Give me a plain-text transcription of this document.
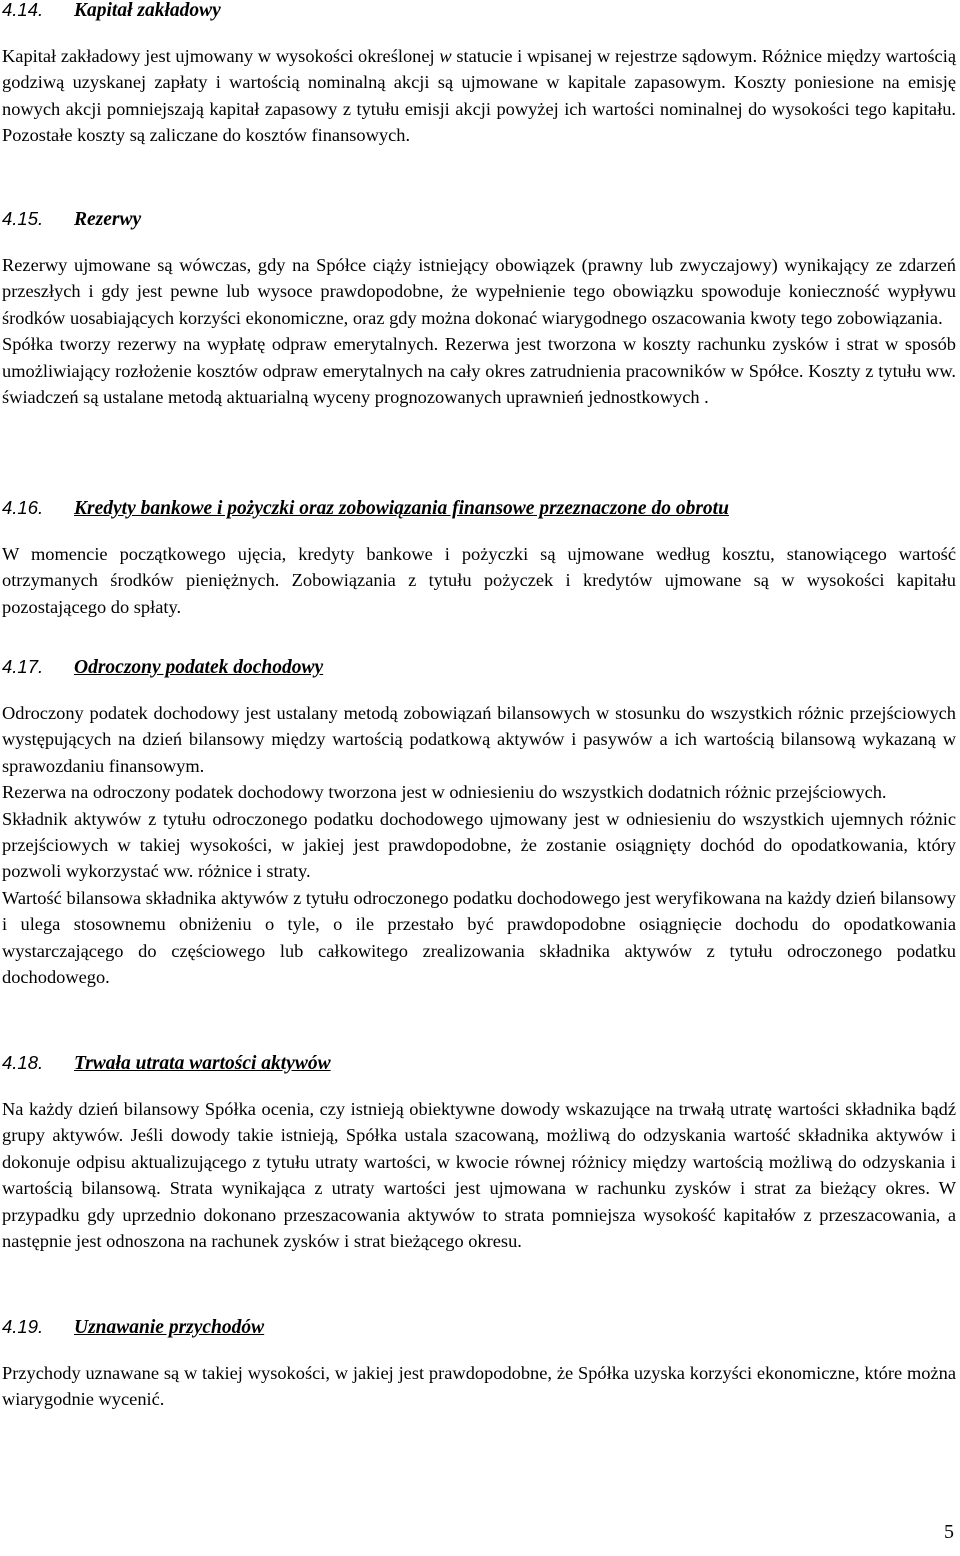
4.14. Kapitał zakładowy

Kapitał zakładowy jest ujmowany w wysokości określonej w statucie i wpisanej w rejestrze sądowym. Różnice między wartością godziwą uzyskanej zapłaty i wartością nominalną akcji są ujmowane w kapitale zapasowym. Koszty poniesione na emisję nowych akcji pomniejszają kapitał zapasowy z tytułu emisji akcji powyżej ich wartości nominalnej do wysokości tego kapitału. Pozostałe koszty są zaliczane do kosztów finansowych.

4.15. Rezerwy

Rezerwy ujmowane są wówczas, gdy na Spółce ciąży istniejący obowiązek (prawny lub zwyczajowy) wynikający ze zdarzeń przeszłych i gdy jest pewne lub wysoce prawdopodobne, że wypełnienie tego obowiązku spowoduje konieczność wypływu środków uosabiających korzyści ekonomiczne, oraz gdy można dokonać wiarygodnego oszacowania kwoty tego zobowiązania.

Spółka tworzy rezerwy na wypłatę odpraw emerytalnych. Rezerwa jest tworzona w koszty rachunku zysków i strat w sposób umożliwiający rozłożenie kosztów odpraw emerytalnych na cały okres zatrudnienia pracowników w Spółce. Koszty z tytułu ww. świadczeń są ustalane metodą aktuarialną wyceny prognozowanych uprawnień jednostkowych .

4.16. Kredyty bankowe i pożyczki oraz zobowiązania finansowe przeznaczone do obrotu

W momencie początkowego ujęcia, kredyty bankowe i pożyczki są ujmowane według kosztu, stanowiącego wartość otrzymanych środków pieniężnych. Zobowiązania z tytułu pożyczek i kredytów ujmowane są w wysokości kapitału pozostającego do spłaty.

4.17. Odroczony podatek dochodowy

Odroczony podatek dochodowy jest ustalany metodą zobowiązań bilansowych w stosunku do wszystkich różnic przejściowych występujących na dzień bilansowy między wartością podatkową aktywów i pasywów a ich wartością bilansową wykazaną w sprawozdaniu finansowym.

Rezerwa na odroczony podatek dochodowy tworzona jest w odniesieniu do wszystkich dodatnich różnic przejściowych.

Składnik aktywów z tytułu odroczonego podatku dochodowego ujmowany jest w odniesieniu do wszystkich ujemnych różnic przejściowych w takiej wysokości, w jakiej jest prawdopodobne, że zostanie osiągnięty dochód do opodatkowania, który pozwoli wykorzystać ww. różnice i straty.

Wartość bilansowa składnika aktywów z tytułu odroczonego podatku dochodowego jest weryfikowana na każdy dzień bilansowy i ulega stosownemu obniżeniu o tyle, o ile przestało być prawdopodobne osiągnięcie dochodu do opodatkowania wystarczającego do częściowego lub całkowitego zrealizowania składnika aktywów z tytułu odroczonego podatku dochodowego.

4.18. Trwała utrata wartości aktywów

Na każdy dzień bilansowy Spółka ocenia, czy istnieją obiektywne dowody wskazujące na trwałą utratę wartości składnika bądź grupy aktywów. Jeśli dowody takie istnieją, Spółka ustala szacowaną, możliwą do odzyskania wartość składnika aktywów i dokonuje odpisu aktualizującego z tytułu utraty wartości, w kwocie równej różnicy między wartością możliwą do odzyskania i wartością bilansową. Strata wynikająca z utraty wartości jest ujmowana w rachunku zysków i strat za bieżący okres. W przypadku gdy uprzednio dokonano przeszacowania aktywów to strata pomniejsza wysokość kapitałów z przeszacowania, a następnie jest odnoszona na rachunek zysków i strat bieżącego okresu.

4.19. Uznawanie przychodów

Przychody uznawane są w takiej wysokości, w jakiej jest prawdopodobne, że Spółka uzyska korzyści ekonomiczne, które można wiarygodnie wycenić.

5
